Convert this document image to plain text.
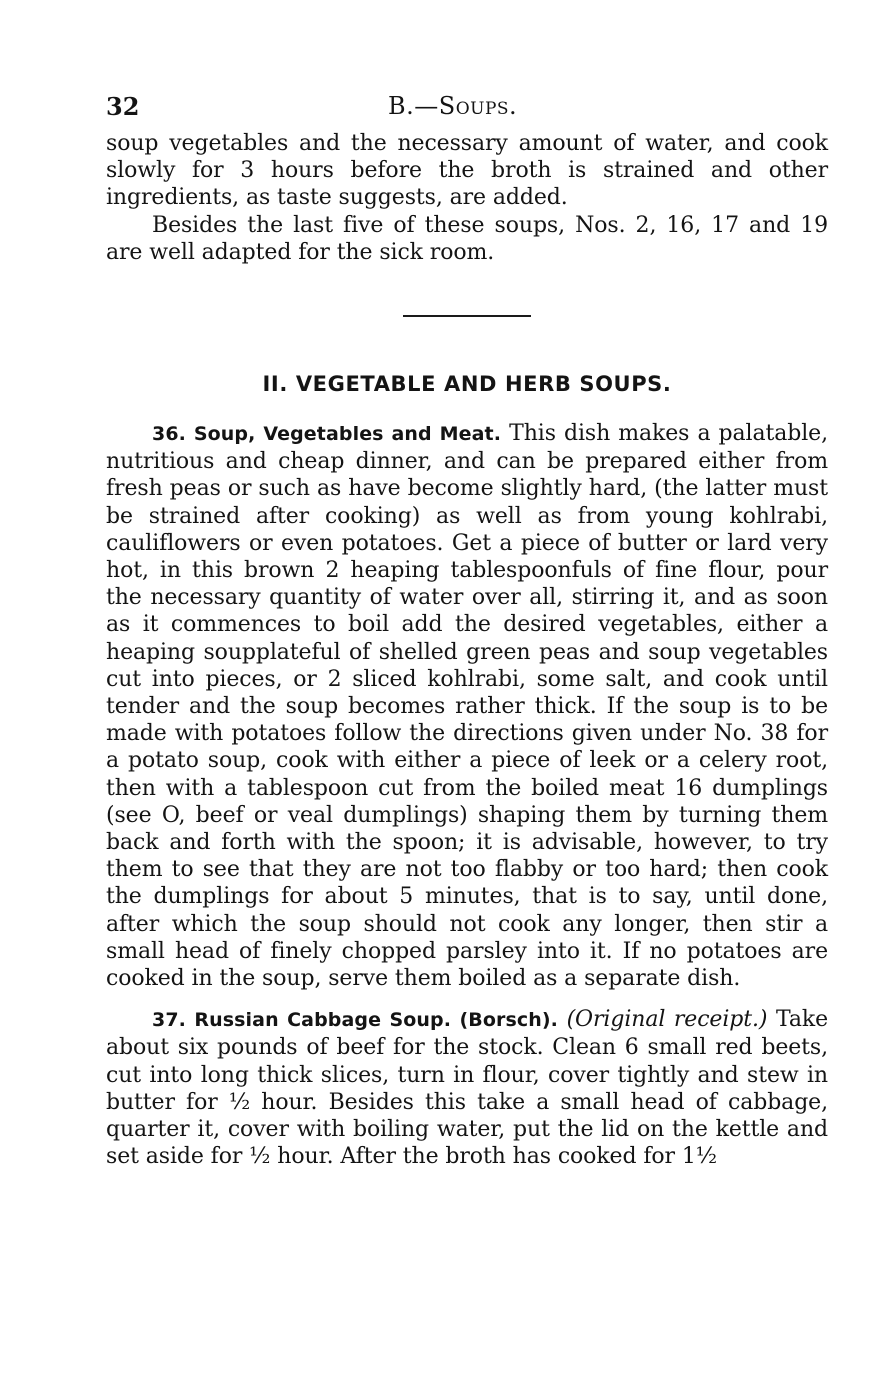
32	B.—Soups.

soup vegetables and the necessary amount of water, and cook slowly for 3 hours before the broth is strained and other ingredients, as taste suggests, are added.

Besides the last five of these soups, Nos. 2, 16, 17 and 19 are well adapted for the sick room.

II. VEGETABLE AND HERB SOUPS.

36. Soup, Vegetables and Meat. This dish makes a palatable, nutritious and cheap dinner, and can be prepared either from fresh peas or such as have become slightly hard, (the latter must be strained after cooking) as well as from young kohlrabi, cauliflowers or even potatoes. Get a piece of butter or lard very hot, in this brown 2 heaping tablespoonfuls of fine flour, pour the necessary quantity of water over all, stirring it, and as soon as it commences to boil add the desired vegetables, either a heaping soupplateful of shelled green peas and soup vegetables cut into pieces, or 2 sliced kohlrabi, some salt, and cook until tender and the soup becomes rather thick. If the soup is to be made with potatoes follow the directions given under No. 38 for a potato soup, cook with either a piece of leek or a celery root, then with a tablespoon cut from the boiled meat 16 dumplings (see O, beef or veal dumplings) shaping them by turning them back and forth with the spoon; it is advisable, however, to try them to see that they are not too flabby or too hard; then cook the dumplings for about 5 minutes, that is to say, until done, after which the soup should not cook any longer, then stir a small head of finely chopped parsley into it. If no potatoes are cooked in the soup, serve them boiled as a separate dish.

37. Russian Cabbage Soup. (Borsch). (Original receipt.) Take about six pounds of beef for the stock. Clean 6 small red beets, cut into long thick slices, turn in flour, cover tightly and stew in butter for ½ hour. Besides this take a small head of cabbage, quarter it, cover with boiling water, put the lid on the kettle and set aside for ½ hour. After the broth has cooked for 1½
